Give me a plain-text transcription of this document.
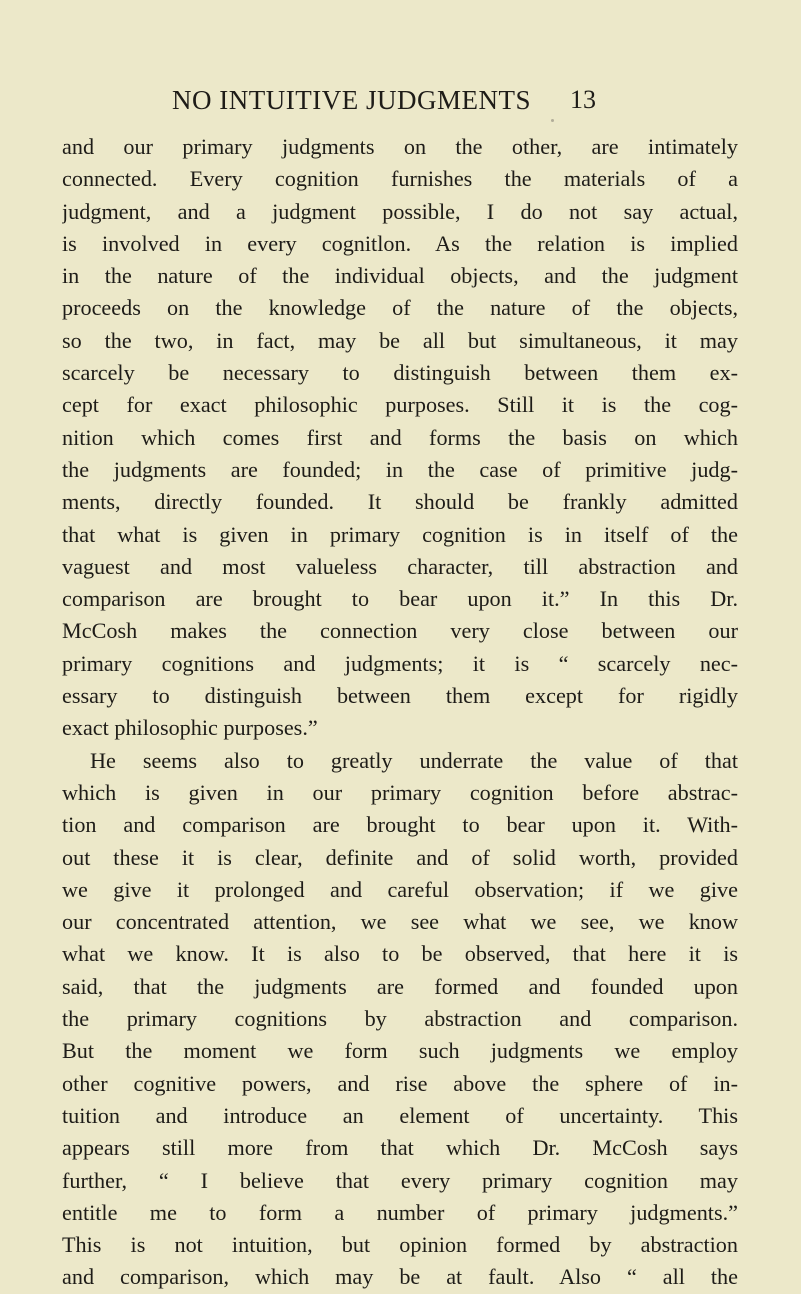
NO INTUITIVE JUDGMENTS 13
and our primary judgments on the other, are intimately
connected. Every cognition furnishes the materials of a
judgment, and a judgment possible, I do not say actual,
is involved in every cognitlon. As the relation is implied
in the nature of the individual objects, and the judgment
proceeds on the knowledge of the nature of the objects,
so the two, in fact, may be all but simultaneous, it may
scarcely be necessary to distinguish between them ex-
cept for exact philosophic purposes. Still it is the cog-
nition which comes first and forms the basis on which
the judgments are founded; in the case of primitive judg-
ments, directly founded. It should be frankly admitted
that what is given in primary cognition is in itself of the
vaguest and most valueless character, till abstraction and
comparison are brought to bear upon it.” In this Dr.
McCosh makes the connection very close between our
primary cognitions and judgments; it is “ scarcely nec-
essary to distinguish between them except for rigidly
exact philosophic purposes.”
He seems also to greatly underrate the value of that
which is given in our primary cognition before abstrac-
tion and comparison are brought to bear upon it. With-
out these it is clear, definite and of solid worth, provided
we give it prolonged and careful observation; if we give
our concentrated attention, we see what we see, we know
what we know. It is also to be observed, that here it is
said, that the judgments are formed and founded upon
the primary cognitions by abstraction and comparison.
But the moment we form such judgments we employ
other cognitive powers, and rise above the sphere of in-
tuition and introduce an element of uncertainty. This
appears still more from that which Dr. McCosh says
further, “ I believe that every primary cognition may
entitle me to form a number of primary judgments.”
This is not intuition, but opinion formed by abstraction
and comparison, which may be at fault. Also “ all the
